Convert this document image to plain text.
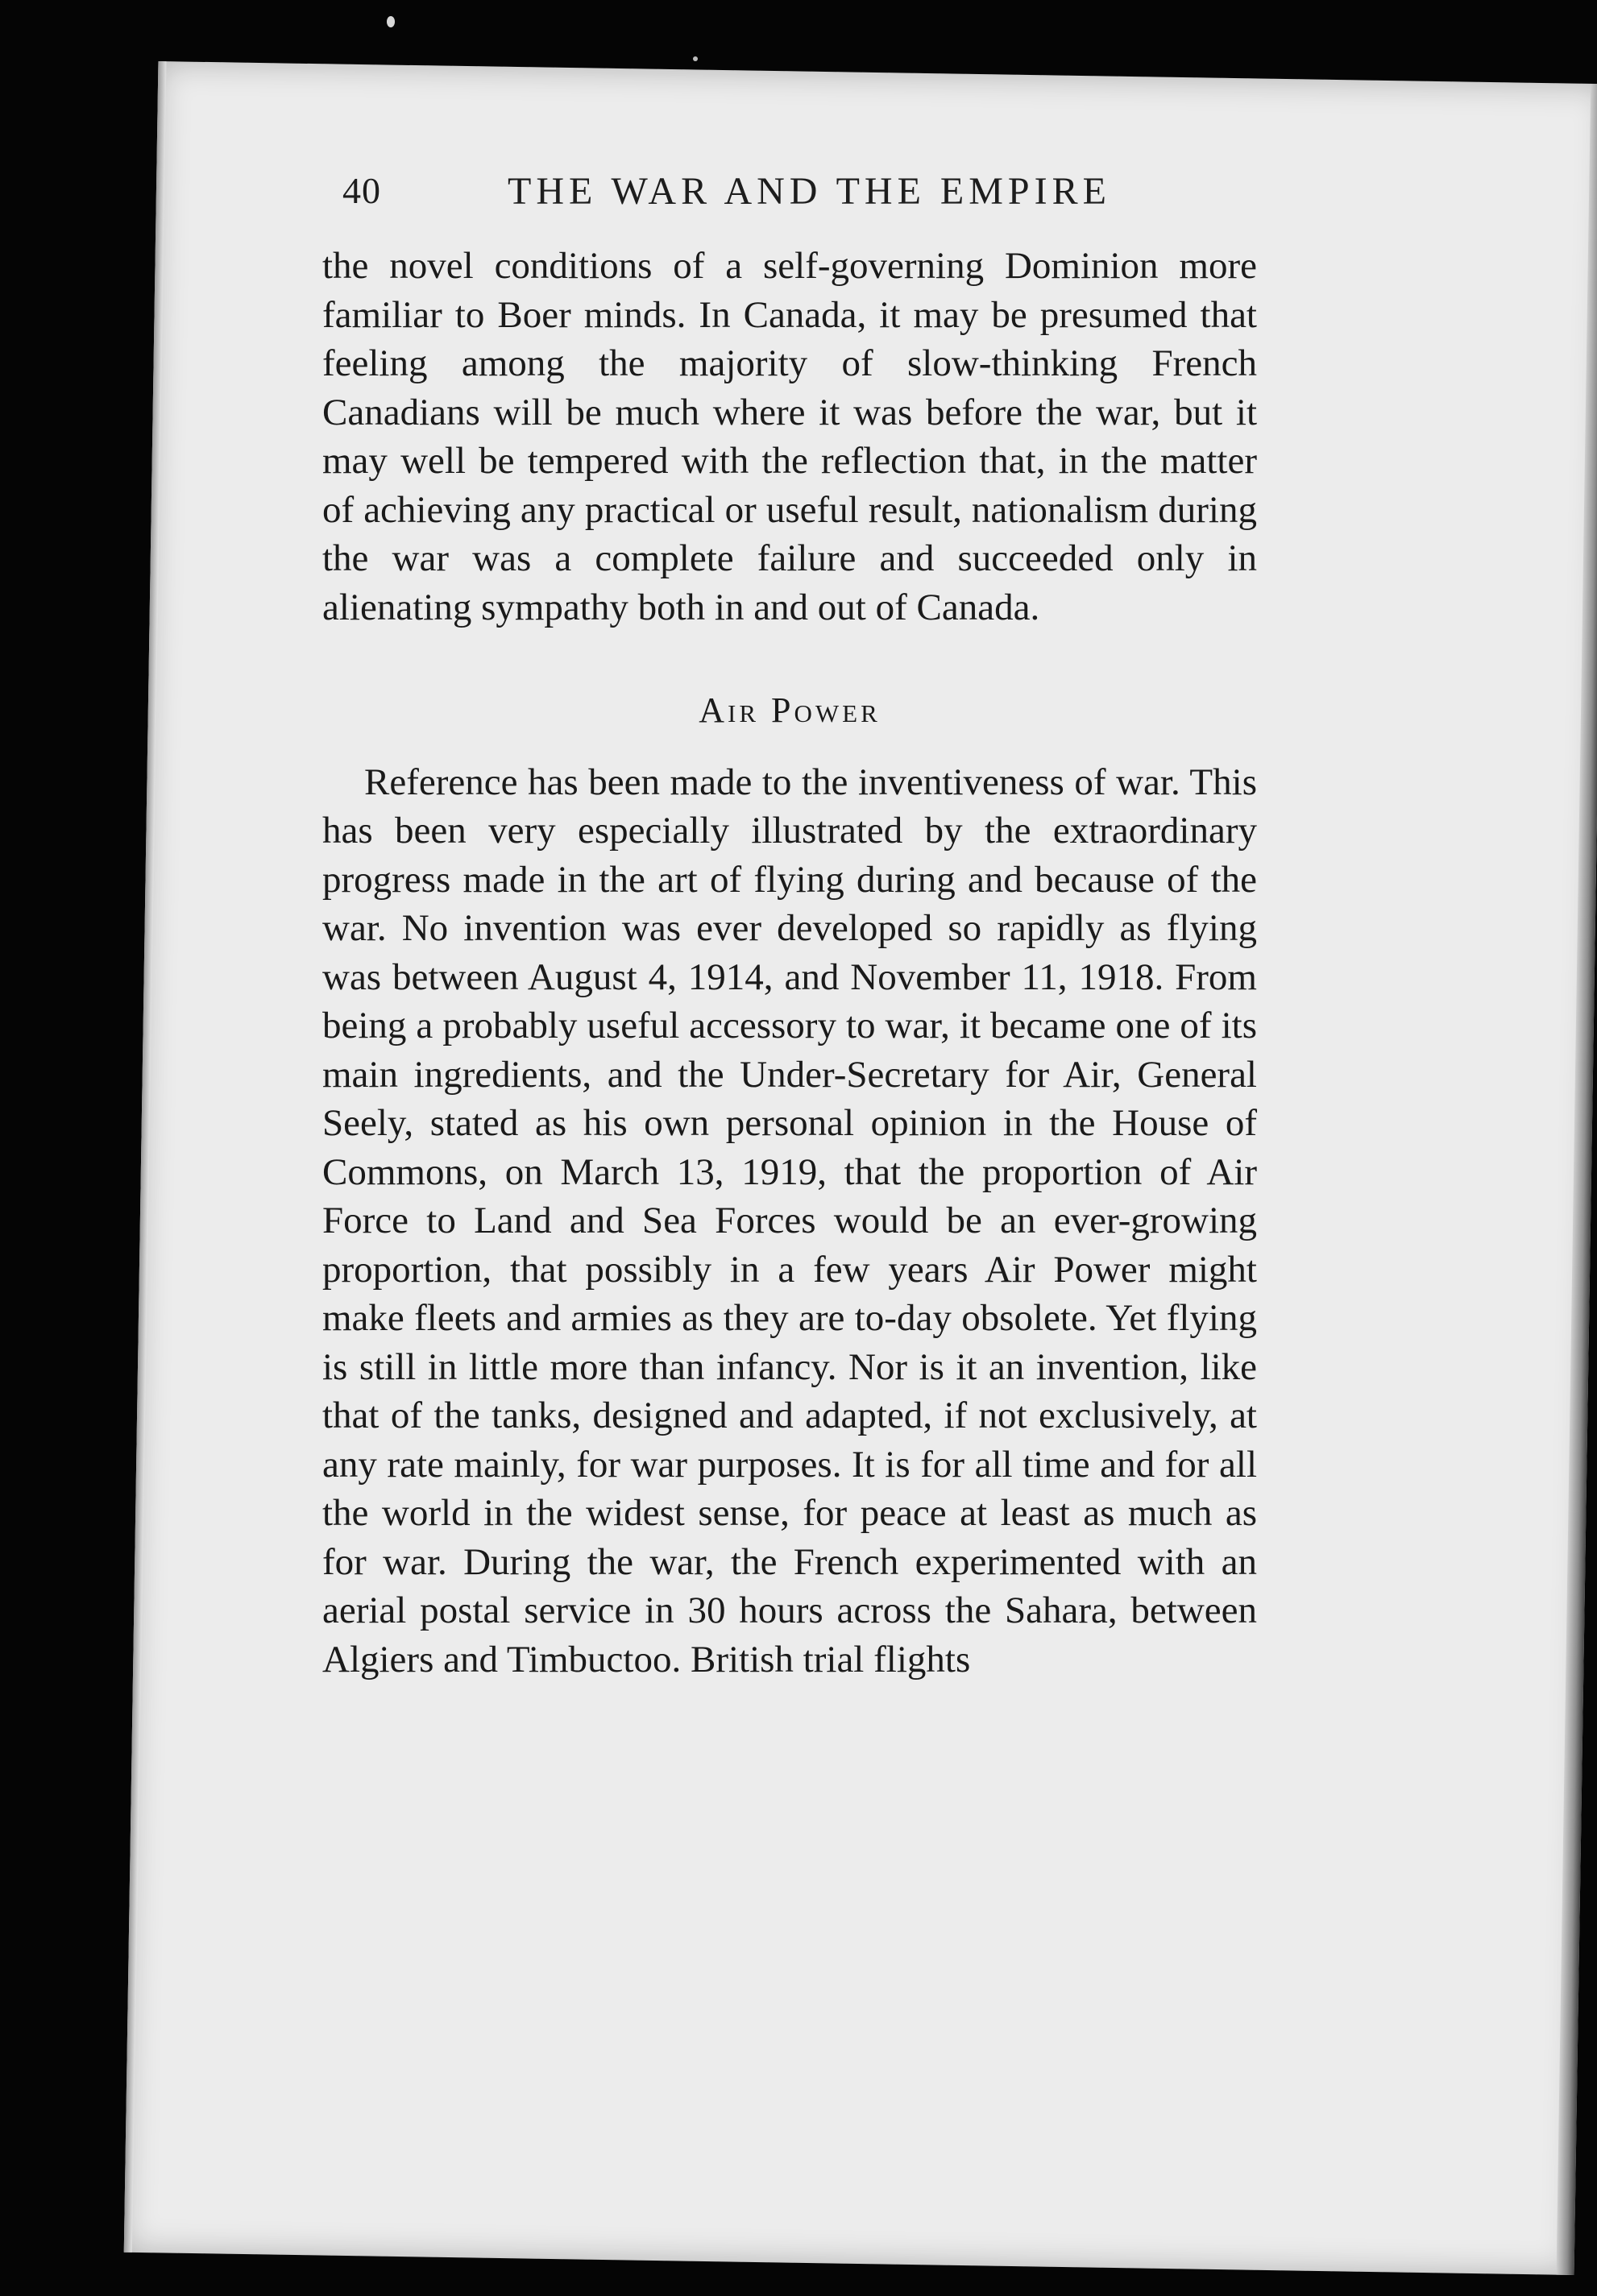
40	THE WAR AND THE EMPIRE

the novel conditions of a self-governing Dominion more familiar to Boer minds. In Canada, it may be presumed that feeling among the majority of slow-thinking French Canadians will be much where it was before the war, but it may well be tempered with the reflection that, in the matter of achieving any practical or useful result, nationalism during the war was a complete failure and succeeded only in alienating sympathy both in and out of Canada.

Air Power

Reference has been made to the inventiveness of war. This has been very especially illustrated by the extraordinary progress made in the art of flying during and because of the war. No invention was ever developed so rapidly as flying was between August 4, 1914, and November 11, 1918. From being a probably useful accessory to war, it became one of its main ingredients, and the Under-Secretary for Air, General Seely, stated as his own personal opinion in the House of Commons, on March 13, 1919, that the proportion of Air Force to Land and Sea Forces would be an ever-growing proportion, that possibly in a few years Air Power might make fleets and armies as they are to-day obsolete. Yet flying is still in little more than infancy. Nor is it an invention, like that of the tanks, designed and adapted, if not exclusively, at any rate mainly, for war purposes. It is for all time and for all the world in the widest sense, for peace at least as much as for war. During the war, the French experimented with an aerial postal service in 30 hours across the Sahara, between Algiers and Timbuctoo. British trial flights
